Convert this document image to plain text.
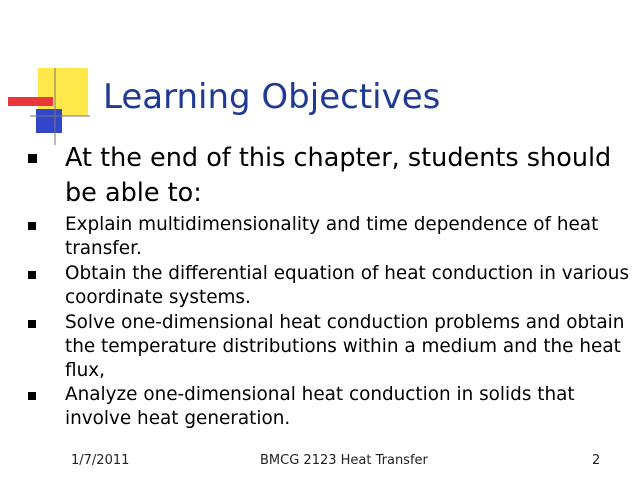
Learning Objectives
At the end of this chapter, students should be able to:
Explain multidimensionality and time dependence of heat transfer.
Obtain the differential equation of heat conduction in various coordinate systems.
Solve one-dimensional heat conduction problems and obtain the temperature distributions within a medium and the heat flux,
Analyze one-dimensional heat conduction in solids that involve heat generation.
1/7/2011	BMCG 2123 Heat Transfer	2
